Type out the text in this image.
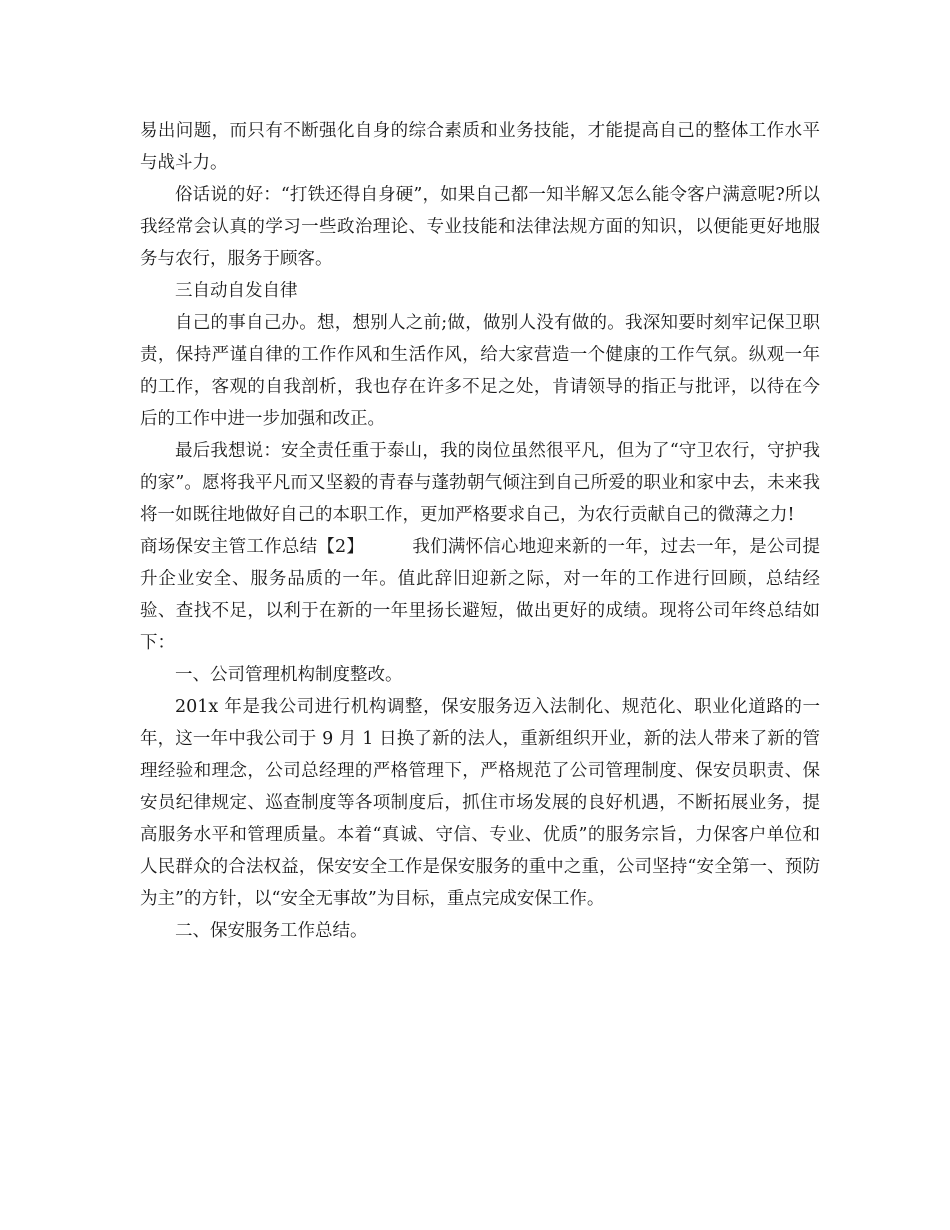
易出问题，而只有不断强化自身的综合素质和业务技能，才能提高自己的整体工作水平与战斗力。

俗话说的好：“打铁还得自身硬”，如果自己都一知半解又怎么能令客户满意呢?所以我经常会认真的学习一些政治理论、专业技能和法律法规方面的知识，以便能更好地服务与农行，服务于顾客。

三自动自发自律

自己的事自己办。想，想别人之前;做，做别人没有做的。我深知要时刻牢记保卫职责，保持严谨自律的工作作风和生活作风，给大家营造一个健康的工作气氛。纵观一年的工作，客观的自我剖析，我也存在许多不足之处，肯请领导的指正与批评，以待在今后的工作中进一步加强和改正。

最后我想说：安全责任重于泰山，我的岗位虽然很平凡，但为了“守卫农行，守护我的家”。愿将我平凡而又坚毅的青春与蓬勃朝气倾注到自己所爱的职业和家中去，未来我将一如既往地做好自己的本职工作，更加严格要求自己，为农行贡献自己的微薄之力!

商场保安主管工作总结【2】	我们满怀信心地迎来新的一年，过去一年，是公司提升企业安全、服务品质的一年。值此辞旧迎新之际，对一年的工作进行回顾，总结经验、查找不足，以利于在新的一年里扬长避短，做出更好的成绩。现将公司年终总结如下：

一、公司管理机构制度整改。

201x 年是我公司进行机构调整，保安服务迈入法制化、规范化、职业化道路的一年，这一年中我公司于 9 月 1 日换了新的法人，重新组织开业，新的法人带来了新的管理经验和理念，公司总经理的严格管理下，严格规范了公司管理制度、保安员职责、保安员纪律规定、巡查制度等各项制度后，抓住市场发展的良好机遇，不断拓展业务，提高服务水平和管理质量。本着“真诚、守信、专业、优质”的服务宗旨，力保客户单位和人民群众的合法权益，保安安全工作是保安服务的重中之重，公司坚持“安全第一、预防为主”的方针，以“安全无事故”为目标，重点完成安保工作。

二、保安服务工作总结。
